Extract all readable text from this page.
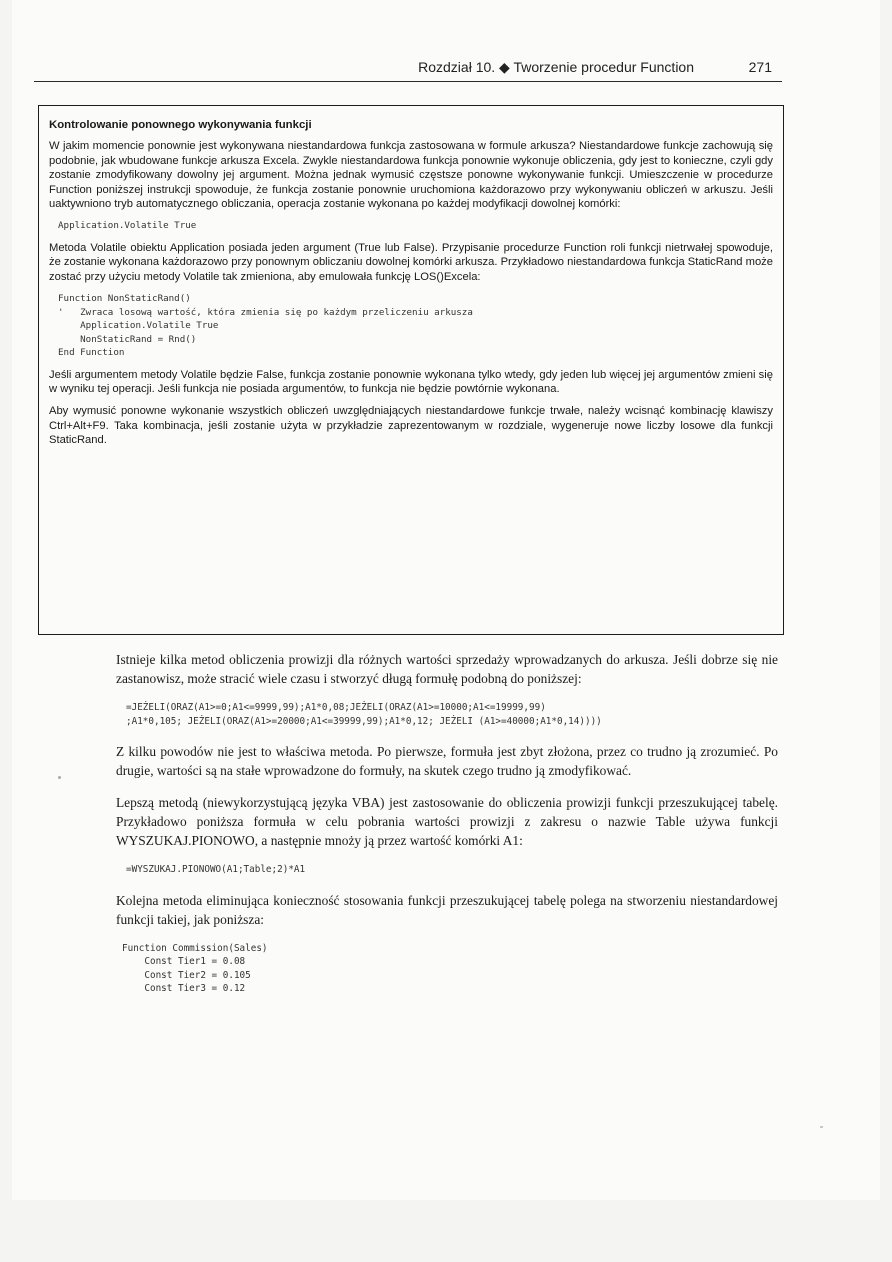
Rozdział 10. ◆ Tworzenie procedur Function	271
Kontrolowanie ponownego wykonywania funkcji

W jakim momencie ponownie jest wykonywana niestandardowa funkcja zastosowana w formule arkusza? Niestandardowe funkcje zachowują się podobnie, jak wbudowane funkcje arkusza Excela. Zwykle niestandardowa funkcja ponownie wykonuje obliczenia, gdy jest to konieczne, czyli gdy zostanie zmodyfikowany dowolny jej argument. Można jednak wymusić częstsze ponowne wykonywanie funkcji. Umieszczenie w procedurze Function poniższej instrukcji spowoduje, że funkcja zostanie ponownie uruchomiona każdorazowo przy wykonywaniu obliczeń w arkuszu. Jeśli uaktywniono tryb automatycznego obliczania, operacja zostanie wykonana po każdej modyfikacji dowolnej komórki:

Application.Volatile True

Metoda Volatile obiektu Application posiada jeden argument (True lub False). Przypisanie procedurze Function roli funkcji nietrwałej spowoduje, że zostanie wykonana każdorazowo przy ponownym obliczaniu dowolnej komórki arkusza. Przykładowo niestandardowa funkcja StaticRand może zostać przy użyciu metody Volatile tak zmieniona, aby emulowała funkcję LOS()Excela:

Function NonStaticRand()
'   Zwraca losową wartość, która zmienia się po każdym przeliczeniu arkusza
Application.Volatile True
NonStaticRand = Rnd()
End Function

Jeśli argumentem metody Volatile będzie False, funkcja zostanie ponownie wykonana tylko wtedy, gdy jeden lub więcej jej argumentów zmieni się w wyniku tej operacji. Jeśli funkcja nie posiada argumentów, to funkcja nie będzie powtórnie wykonana.

Aby wymusić ponowne wykonanie wszystkich obliczeń uwzględniających niestandardowe funkcje trwałe, należy wcisnąć kombinację klawiszy Ctrl+Alt+F9. Taka kombinacja, jeśli zostanie użyta w przykładzie zaprezentowanym w rozdziale, wygeneruje nowe liczby losowe dla funkcji StaticRand.

Istnieje kilka metod obliczenia prowizji dla różnych wartości sprzedaży wprowadzanych do arkusza. Jeśli dobrze się nie zastanowisz, może stracić wiele czasu i stworzyć długą formułę podobną do poniższej:

=JEŻELI(ORAZ(A1>=0;A1<=9999,99);A1*0,08;JEŻELI(ORAZ(A1>=10000;A1<=19999,99)
;A1*0,105; JEŻELI(ORAZ(A1>=20000;A1<=39999,99);A1*0,12; JEŻELI (A1>=40000;A1*0,14))))

Z kilku powodów nie jest to właściwa metoda. Po pierwsze, formuła jest zbyt złożona, przez co trudno ją zrozumieć. Po drugie, wartości są na stałe wprowadzone do formuły, na skutek czego trudno ją zmodyfikować.

Lepszą metodą (niewykorzystującą języka VBA) jest zastosowanie do obliczenia prowizji funkcji przeszukującej tabelę. Przykładowo poniższa formuła w celu pobrania wartości prowizji z zakresu o nazwie Table używa funkcji WYSZUKAJ.PIONOWO, a następnie mnoży ją przez wartość komórki A1:

=WYSZUKAJ.PIONOWO(A1;Table;2)*A1

Kolejna metoda eliminująca konieczność stosowania funkcji przeszukującej tabelę polega na stworzeniu niestandardowej funkcji takiej, jak poniższa:

Function Commission(Sales)
Const Tier1 = 0.08
Const Tier2 = 0.105
Const Tier3 = 0.12
